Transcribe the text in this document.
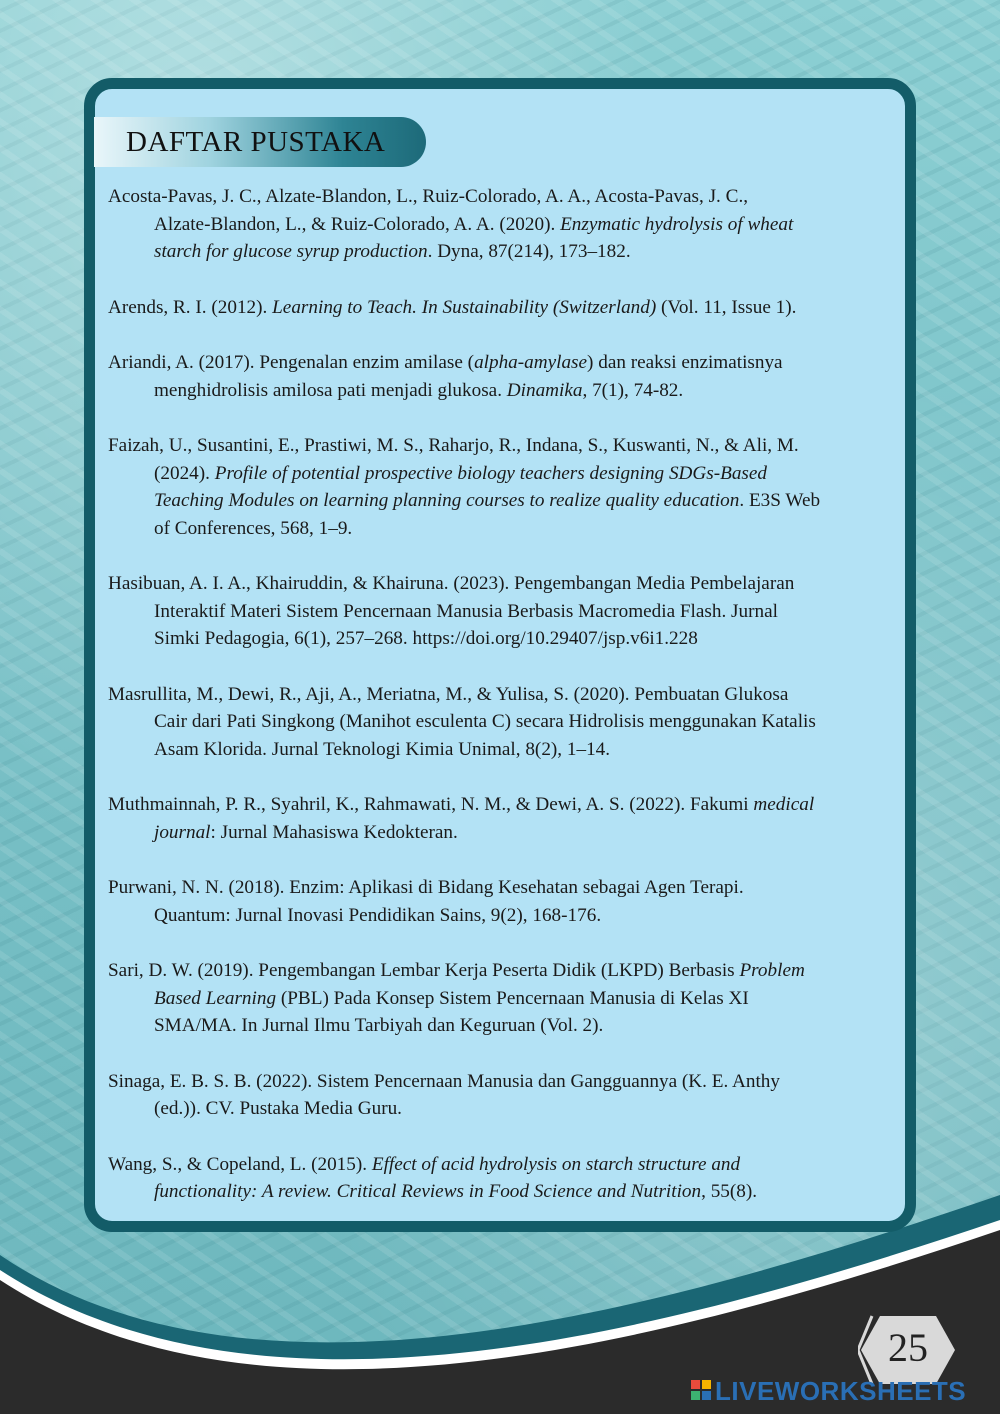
DAFTAR PUSTAKA
Acosta-Pavas, J. C., Alzate-Blandon, L., Ruiz-Colorado, A. A., Acosta-Pavas, J. C.,
Alzate-Blandon, L., & Ruiz-Colorado, A. A. (2020). Enzymatic hydrolysis of wheat
starch for glucose syrup production. Dyna, 87(214), 173–182.
Arends, R. I. (2012). Learning to Teach. In Sustainability (Switzerland) (Vol. 11, Issue 1).
Ariandi, A. (2017). Pengenalan enzim amilase (alpha-amylase) dan reaksi enzimatisnya
menghidrolisis amilosa pati menjadi glukosa. Dinamika, 7(1), 74-82.
Faizah, U., Susantini, E., Prastiwi, M. S., Raharjo, R., Indana, S., Kuswanti, N., & Ali, M.
(2024). Profile of potential prospective biology teachers designing SDGs-Based
Teaching Modules on learning planning courses to realize quality education. E3S Web
of Conferences, 568, 1–9.
Hasibuan, A. I. A., Khairuddin, & Khairuna. (2023). Pengembangan Media Pembelajaran
Interaktif Materi Sistem Pencernaan Manusia Berbasis Macromedia Flash. Jurnal
Simki Pedagogia, 6(1), 257–268. https://doi.org/10.29407/jsp.v6i1.228
Masrullita, M., Dewi, R., Aji, A., Meriatna, M., & Yulisa, S. (2020). Pembuatan Glukosa
Cair dari Pati Singkong (Manihot esculenta C) secara Hidrolisis menggunakan Katalis
Asam Klorida. Jurnal Teknologi Kimia Unimal, 8(2), 1–14.
Muthmainnah, P. R., Syahril, K., Rahmawati, N. M., & Dewi, A. S. (2022). Fakumi medical
journal: Jurnal Mahasiswa Kedokteran.
Purwani, N. N. (2018). Enzim: Aplikasi di Bidang Kesehatan sebagai Agen Terapi.
Quantum: Jurnal Inovasi Pendidikan Sains, 9(2), 168-176.
Sari, D. W. (2019). Pengembangan Lembar Kerja Peserta Didik (LKPD) Berbasis Problem
Based Learning (PBL) Pada Konsep Sistem Pencernaan Manusia di Kelas XI
SMA/MA. In Jurnal Ilmu Tarbiyah dan Keguruan (Vol. 2).
Sinaga, E. B. S. B. (2022). Sistem Pencernaan Manusia dan Gangguannya (K. E. Anthy
(ed.)). CV. Pustaka Media Guru.
Wang, S., & Copeland, L. (2015). Effect of acid hydrolysis on starch structure and
functionality: A review. Critical Reviews in Food Science and Nutrition, 55(8).
25
LIVEWORKSHEETS
